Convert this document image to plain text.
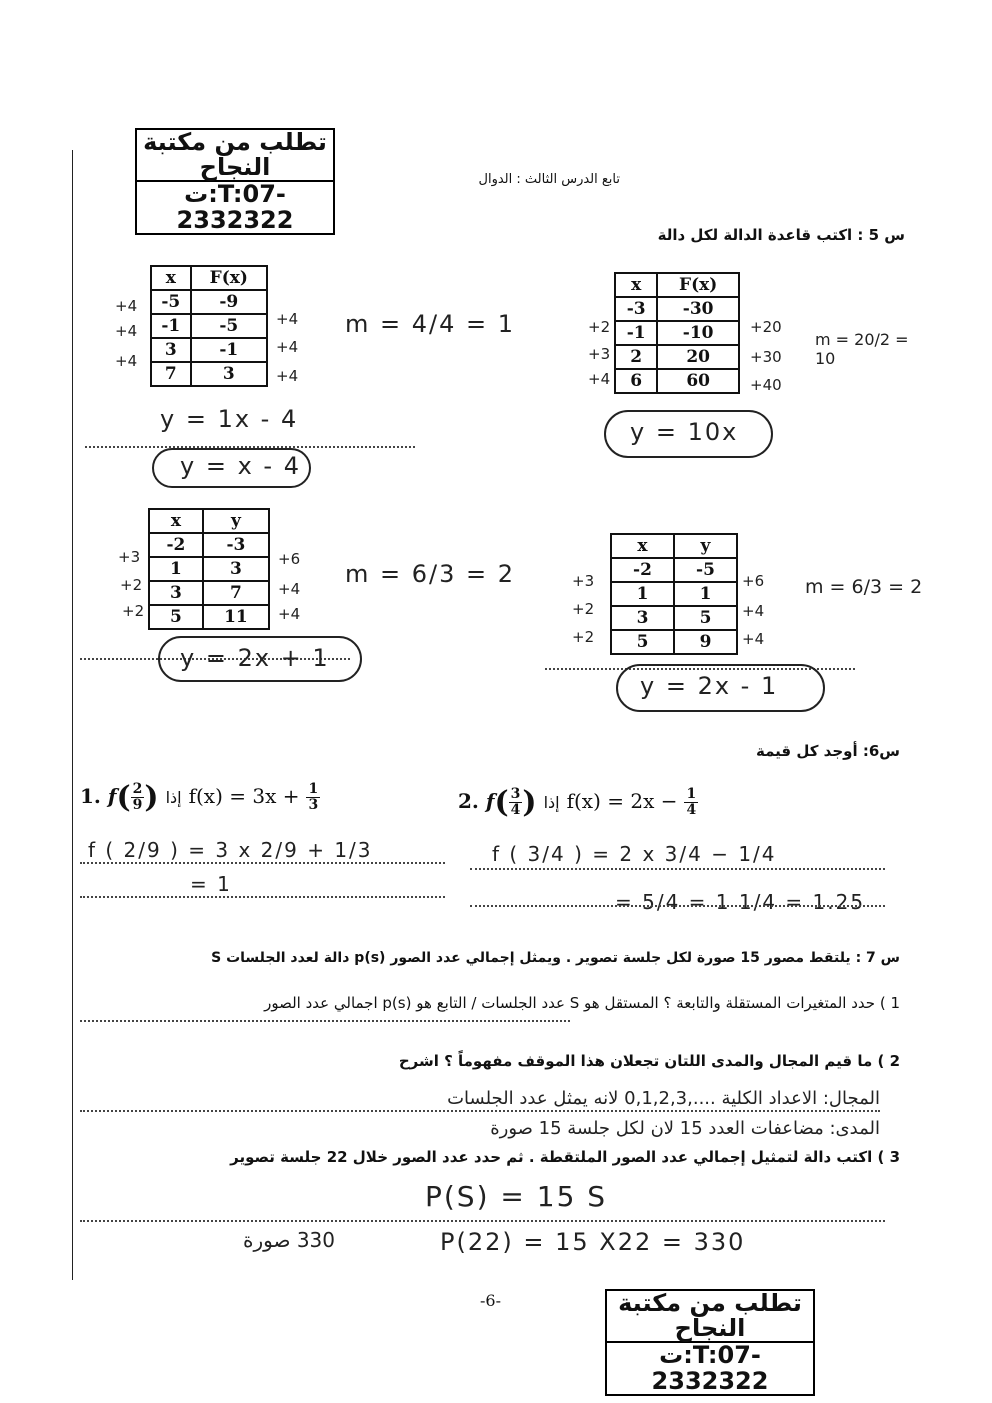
تطلب من مكتبة النجاح
ت:T:07-2332322
تابع الدرس الثالث : الدوال
س 5 : اكتب قاعدة الدالة لكل دالة
x	F(x)
-5	-9
-1	-5
3	-1
7	3
+4
+4
+4
+4
+4
+4
m = 4/4 = 1
y = 1x - 4
y = x - 4
x	F(x)
-3	-30
-1	-10
2	20
6	60
+2
+3
+4
+20
+30
+40
m = 20/2 = 10
y = 10x
x	y
-2	-3
1	3
3	7
5	11
+3
+2
+2
+6
+4
+4
m = 6/3 = 2
y = 2x + 1
x	y
-2	-5
1	1
3	5
5	9
+3
+2
+2
+6
+4
+4
m = 6/3 = 2
y = 2x - 1
س6: أوجد كل قيمة
1. $f( \frac{2}{9}$ ) إذا $f(x) = 3x + \frac{1}{3}$	2. $f( \frac{3}{4}$ ) إذا $f(x) = 2x - \frac{1}{4}$
f ( 2/9 ) = 3 x 2/9 + 1/3
= 1
f ( 3/4 ) = 2 x 3/4 − 1/4
= 5/4 = 1 1/4 = 1.25
س 7 : يلتقط مصور 15 صورة لكل جلسة تصوير . ويمثل إجمالي عدد الصور p(s) دالة لعدد الجلسات S
1 ) حدد المتغيرات المستقلة والتابعة ؟ المستقل هو S عدد الجلسات / التابع هو p(s) اجمالي عدد الصور
2 ) ما قيم المجال والمدى اللتان تجعلان هذا الموقف مفهوماً ؟ اشرح
المجال: الاعداد الكلية ....,0,1,2,3 لانه يمثل عدد الجلسات
المدى: مضاعفات العدد 15 لان لكل جلسة 15 صورة
3 ) اكتب دالة لتمثيل إجمالي عدد الصور الملتقطة . ثم حدد عدد الصور خلال 22 جلسة تصوير
P(S) = 15 S
330 صورة	P(22) = 15 X22 = 330
-6-	تطلب من مكتبة النجاح
ت:T:07-2332322
